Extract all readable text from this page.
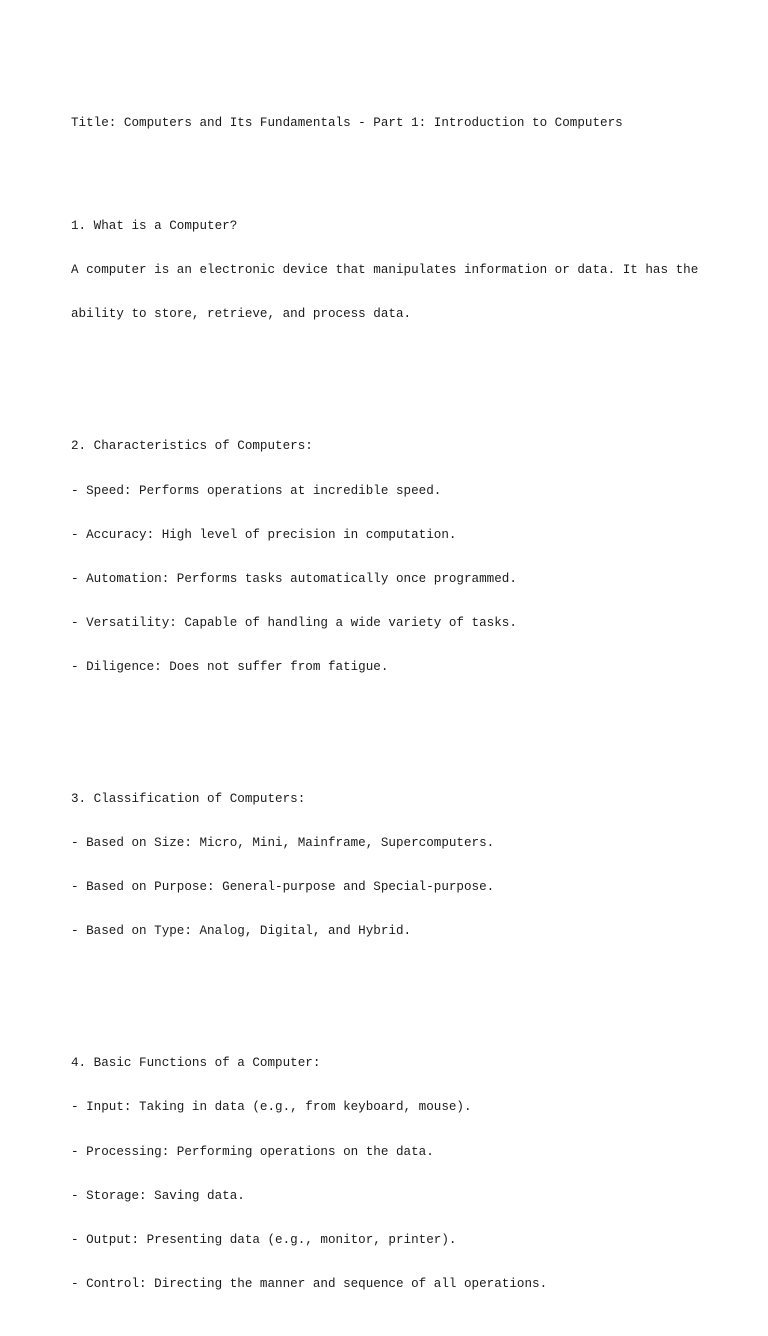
Title: Computers and Its Fundamentals - Part 1: Introduction to Computers

1. What is a Computer?

A computer is an electronic device that manipulates information or data. It has the

ability to store, retrieve, and process data.

2. Characteristics of Computers:

- Speed: Performs operations at incredible speed.

- Accuracy: High level of precision in computation.

- Automation: Performs tasks automatically once programmed.

- Versatility: Capable of handling a wide variety of tasks.

- Diligence: Does not suffer from fatigue.

3. Classification of Computers:

- Based on Size: Micro, Mini, Mainframe, Supercomputers.

- Based on Purpose: General-purpose and Special-purpose.

- Based on Type: Analog, Digital, and Hybrid.

4. Basic Functions of a Computer:

- Input: Taking in data (e.g., from keyboard, mouse).

- Processing: Performing operations on the data.

- Storage: Saving data.

- Output: Presenting data (e.g., monitor, printer).

- Control: Directing the manner and sequence of all operations.
